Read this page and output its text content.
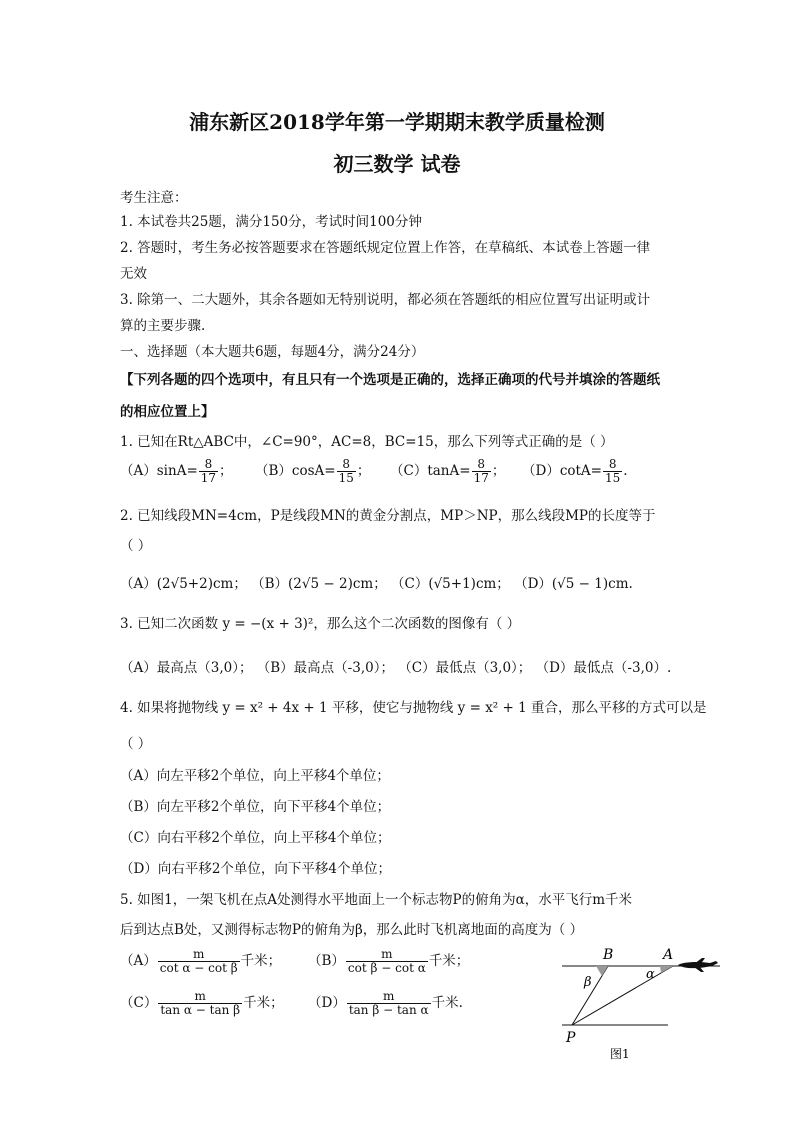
浦东新区2018学年第一学期期末教学质量检测
初三数学 试卷
考生注意：
1. 本试卷共25题，满分150分，考试时间100分钟
2. 答题时，考生务必按答题要求在答题纸规定位置上作答，在草稿纸、本试卷上答题一律
无效
3. 除第一、二大题外，其余各题如无特别说明，都必须在答题纸的相应位置写出证明或计
算的主要步骤.
一、选择题（本大题共6题，每题4分，满分24分）
【下列各题的四个选项中，有且只有一个选项是正确的，选择正确项的代号并填涂的答题纸
的相应位置上】
1. 已知在Rt△ABC中，∠C=90°，AC=8，BC=15，那么下列等式正确的是（ ）
$(A)\sin A= \frac{8}{17}$ ； $(B)\cos A= \frac{8}{15}$ ； $(C)\tan A= \frac{8}{17}$ ； $(D)\cot A= \frac{8}{15}$ .
2. 已知线段MN=4cm，P是线段MN的黄金分割点，MP＞NP，那么线段MP的长度等于
（ ）
（A）(2√5+2)cm； （B）(2√5 − 2)cm； （C）(√5+1)cm； （D）(√5 − 1)cm.
3. 已知二次函数 y = −(x + 3)²，那么这个二次函数的图像有（ ）
（A）最高点（3,0）； （B）最高点（-3,0）； （C）最低点（3,0）； （D）最低点（-3,0）.
4. 如果将抛物线 y = x² + 4x + 1 平移，使它与抛物线 y = x² + 1 重合，那么平移的方式可以是
（ ）
（A）向左平移2个单位，向上平移4个单位；
（B）向左平移2个单位，向下平移4个单位；
（C）向右平移2个单位，向上平移4个单位；
（D）向右平移2个单位，向下平移4个单位；
5. 如图1，一架飞机在点A处测得水平地面上一个标志物P的俯角为α，水平飞行m千米
后到达点B处，又测得标志物P的俯角为β，那么此时飞机离地面的高度为（ ）
$(A) \frac{m}{\text{cot α − cot β}}$ 千米； $(B) \frac{m}{\text{cot β − cot α}}$ 千米；
$(C) \frac{m}{\text{tan α − tan β}}$ 千米； $(D) \frac{m}{\text{tan β − tan α}}$ 千米.
B	A
P
α
β
图1
